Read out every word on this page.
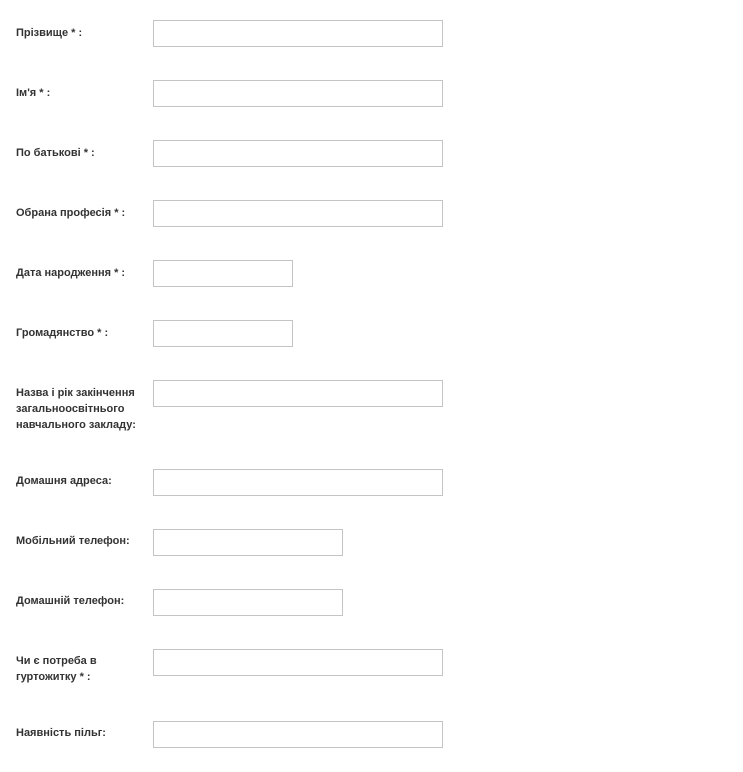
Прізвище * :
Ім'я * :
По батькові * :
Обрана професія * :
Дата народження * :
Громадянство * :
Назва і рік закінчення загальноосвітнього навчального закладу:
Домашня адреса:
Мобільний телефон:
Домашній телефон:
Чи є потреба в гуртожитку * :
Наявність пільг:
